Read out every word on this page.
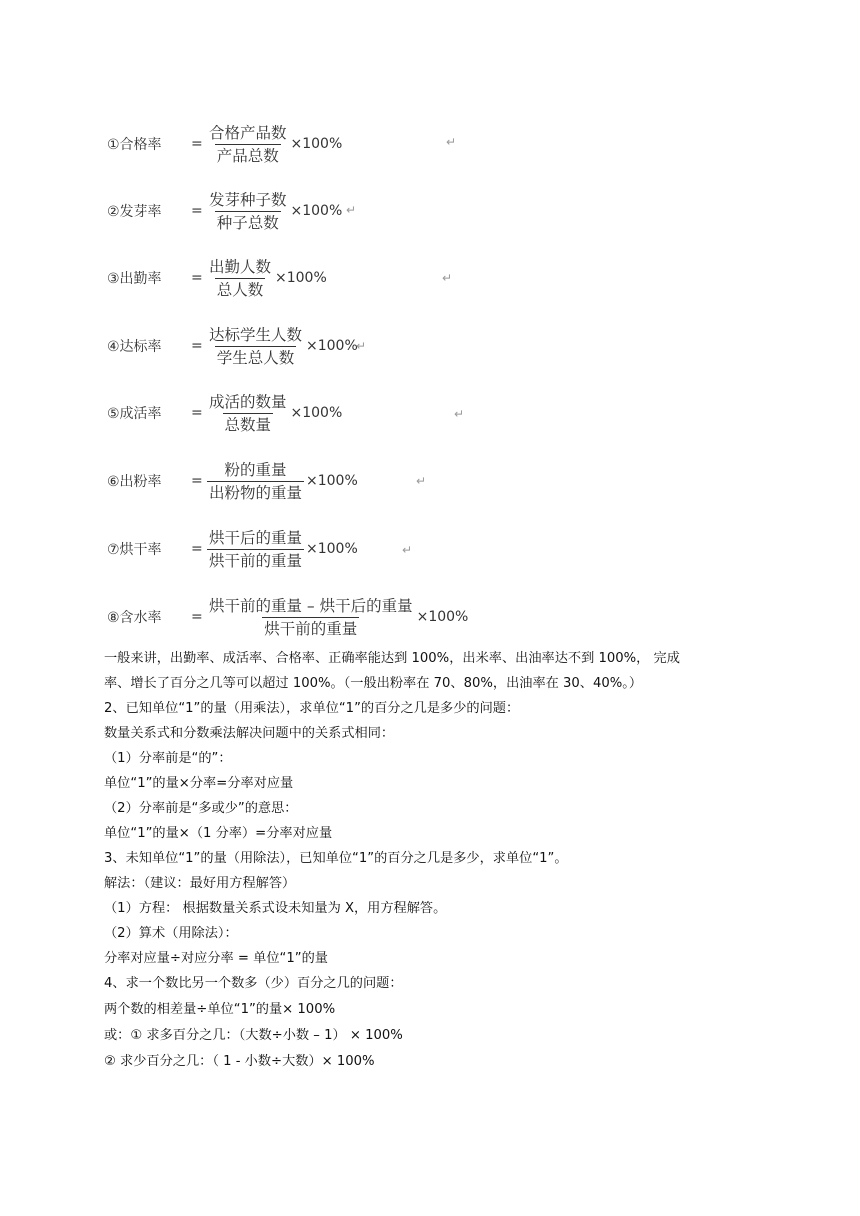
①合格率	= $\frac{\text{合格产品数}}{\text{产品总数}} \times 100\%$	↵
②发芽率	= $\frac{\text{发芽种子数}}{\text{种子总数}} \times 100\%$ ↵
③出勤率	= $\frac{\text{出勤人数}}{\text{总人数}} \times 100\%$	↵
④达标率	= $\frac{\text{达标学生人数}}{\text{学生总人数}} \times 100\%$
↵
⑤成活率	= $\frac{\text{成活的数量}}{\text{总数量}} \times 100\%$	↵
⑥出粉率	= $\frac{\text{粉的重量}}{\text{出粉物的重量}} \times 100\%$	↵
⑦烘干率	= $\frac{\text{烘干后的重量}}{\text{烘干前的重量}} \times 100\%$	↵
⑧含水率	= $\frac{\text{烘干前的重量 – 烘干后的重量}}{\text{烘干前的重量}} \times 100\%$
一般来讲，出勤率、成活率、合格率、正确率能达到 100%，出米率、出油率达不到 100%， 完成
率、增长了百分之几等可以超过 100%。（一般出粉率在 70、80%，出油率在 30、40%。）
2、已知单位“1”的量（用乘法），求单位“1”的百分之几是多少的问题：
数量关系式和分数乘法解决问题中的关系式相同：
（1）分率前是“的”：
单位“1”的量×分率=分率对应量
（2）分率前是“多或少”的意思：
单位“1”的量×（1 分率）=分率对应量
3、未知单位“1”的量（用除法），已知单位“1”的百分之几是多少，求单位“1”。
解法：（建议：最好用方程解答）
（1）方程： 根据数量关系式设未知量为 X，用方程解答。
（2）算术（用除法）：
分率对应量÷对应分率 = 单位“1”的量
4、求一个数比另一个数多（少）百分之几的问题：
两个数的相差量÷单位“1”的量× 100%
或：① 求多百分之几：（大数÷小数 – 1） × 100%
② 求少百分之几：（ 1 - 小数÷大数）× 100%
